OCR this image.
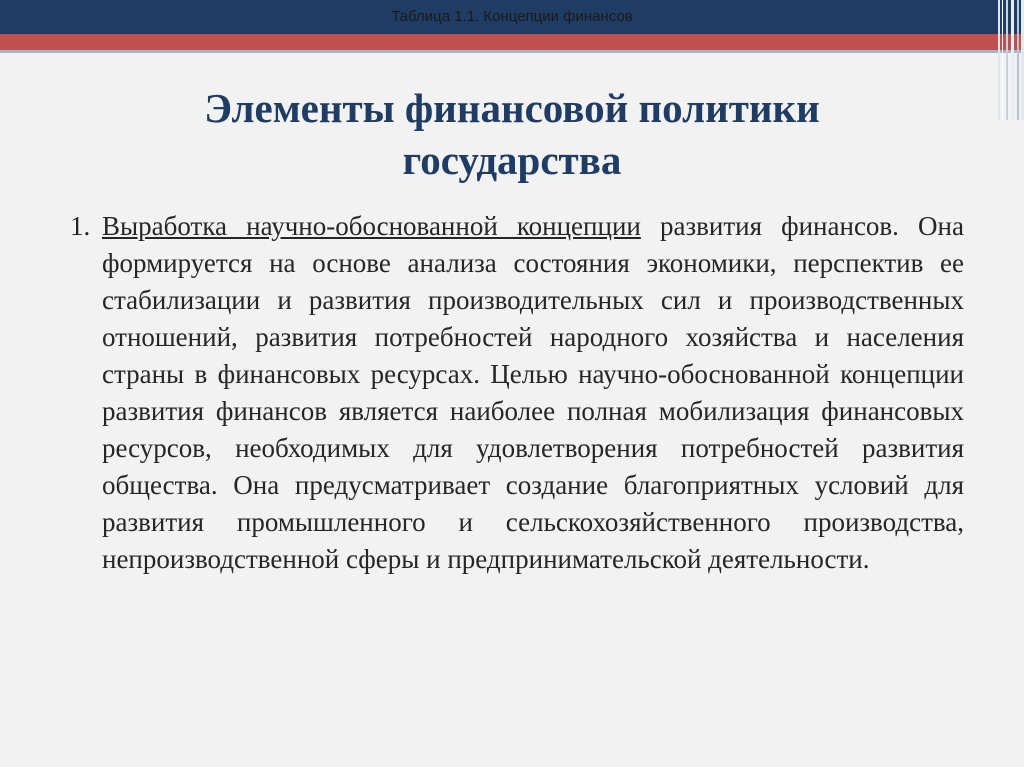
Таблица 1.1. Концепции финансов
Элементы финансовой политики государства
1. Выработка научно-обоснованной концепции развития финансов. Она формируется на основе анализа состояния экономики, перспектив ее стабилизации и развития производительных сил и производственных отношений, развития потребностей народного хозяйства и населения страны в финансовых ресурсах. Целью научно-обоснованной концепции развития финансов является наиболее полная мобилизация финансовых ресурсов, необходимых для удовлетворения потребностей развития общества. Она предусматривает создание благоприятных условий для развития промышленного и сельскохозяйственного производства, непроизводственной сферы и предпринимательской деятельности.
